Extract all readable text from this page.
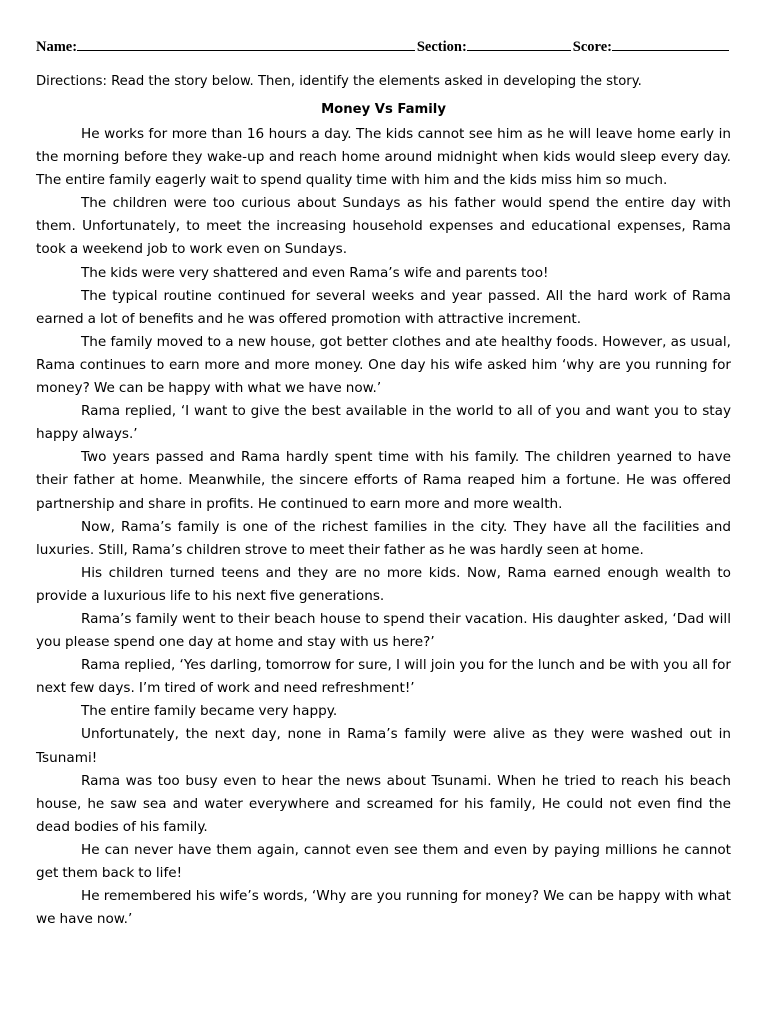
Name:	Section:	Score:
Directions: Read the story below. Then, identify the elements asked in developing the story.
Money Vs Family

He works for more than 16 hours a day. The kids cannot see him as he will leave home early in the morning before they wake-up and reach home around midnight when kids would sleep every day. The entire family eagerly wait to spend quality time with him and the kids miss him so much.

The children were too curious about Sundays as his father would spend the entire day with them. Unfortunately, to meet the increasing household expenses and educational expenses, Rama took a weekend job to work even on Sundays.

The kids were very shattered and even Rama’s wife and parents too!

The typical routine continued for several weeks and year passed. All the hard work of Rama earned a lot of benefits and he was offered promotion with attractive increment.

The family moved to a new house, got better clothes and ate healthy foods. However, as usual, Rama continues to earn more and more money. One day his wife asked him ‘why are you running for money? We can be happy with what we have now.’

Rama replied, ‘I want to give the best available in the world to all of you and want you to stay happy always.’

Two years passed and Rama hardly spent time with his family. The children yearned to have their father at home. Meanwhile, the sincere efforts of Rama reaped him a fortune. He was offered partnership and share in profits. He continued to earn more and more wealth.

Now, Rama’s family is one of the richest families in the city. They have all the facilities and luxuries. Still, Rama’s children strove to meet their father as he was hardly seen at home.

His children turned teens and they are no more kids. Now, Rama earned enough wealth to provide a luxurious life to his next five generations.

Rama’s family went to their beach house to spend their vacation. His daughter asked, ‘Dad will you please spend one day at home and stay with us here?’

Rama replied, ‘Yes darling, tomorrow for sure, I will join you for the lunch and be with you all for next few days. I’m tired of work and need refreshment!’

The entire family became very happy.

Unfortunately, the next day, none in Rama’s family were alive as they were washed out in Tsunami!

Rama was too busy even to hear the news about Tsunami. When he tried to reach his beach house, he saw sea and water everywhere and screamed for his family, He could not even find the dead bodies of his family.

He can never have them again, cannot even see them and even by paying millions he cannot get them back to life!

He remembered his wife’s words, ‘Why are you running for money? We can be happy with what we have now.’
